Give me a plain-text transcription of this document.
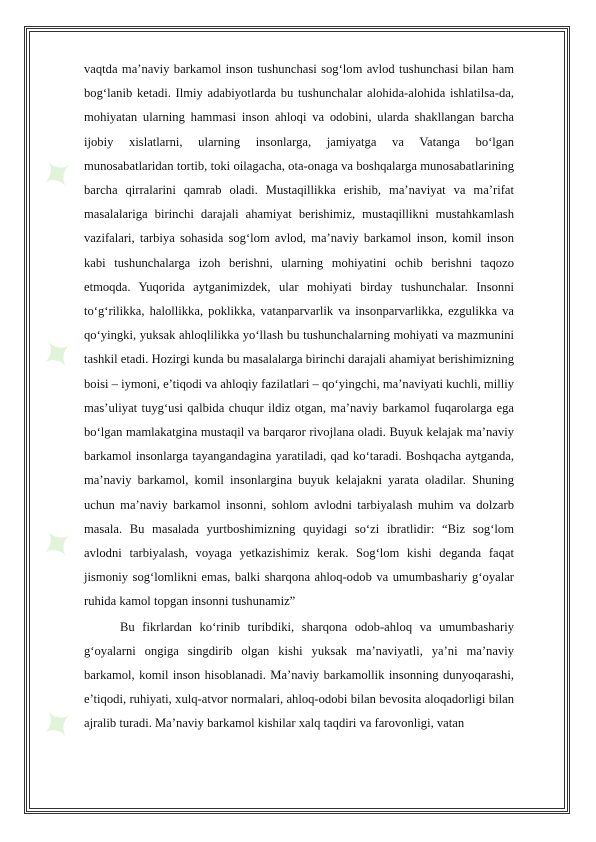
✦
✦
✦
✦

vaqtda ma’naviy barkamol inson tushunchasi sog‘lom avlod tushunchasi bilan ham bog‘lanib ketadi. Ilmiy adabiyotlarda bu tushunchalar alohida-alohida ishlatilsa-da, mohiyatan ularning hammasi inson ahloqi va odobini, ularda shakllangan barcha ijobiy xislatlarni, ularning insonlarga, jamiyatga va Vatanga bo‘lgan munosabatlaridan tortib, toki oilagacha, ota-onaga va boshqalarga munosabatlarining barcha qirralarini qamrab oladi. Mustaqillikka erishib, ma’naviyat va ma’rifat masalalariga birinchi darajali ahamiyat berishimiz, mustaqillikni mustahkamlash vazifalari, tarbiya sohasida sog‘lom avlod, ma’naviy barkamol inson, komil inson kabi tushunchalarga izoh berishni, ularning mohiyatini ochib berishni taqozo etmoqda. Yuqorida aytganimizdek, ular mohiyati birday tushunchalar. Insonni to‘g‘rilikka, halollikka, poklikka, vatanparvarlik va insonparvarlikka, ezgulikka va qo‘yingki, yuksak ahloqlilikka yo‘llash bu tushunchalarning mohiyati va mazmunini tashkil etadi. Hozirgi kunda bu masalalarga birinchi darajali ahamiyat berishimizning boisi – iymoni, e’tiqodi va ahloqiy fazilatlari – qo‘yingchi, ma’naviyati kuchli, milliy mas’uliyat tuyg‘usi qalbida chuqur ildiz otgan, ma’naviy barkamol fuqarolarga ega bo‘lgan mamlakatgina mustaqil va barqaror rivojlana oladi. Buyuk kelajak ma’naviy barkamol insonlarga tayangandagina yaratiladi, qad ko‘taradi. Boshqacha aytganda, ma’naviy barkamol, komil insonlargina buyuk kelajakni yarata oladilar. Shuning uchun ma’naviy barkamol insonni, sohlom avlodni tarbiyalash muhim va dolzarb masala. Bu masalada yurtboshimizning quyidagi so‘zi ibratlidir: “Biz sog‘lom avlodni tarbiyalash, voyaga yetkazishimiz kerak. Sog‘lom kishi deganda faqat jismoniy sog‘lomlikni emas, balki sharqona ahloq-odob va umumbashariy g‘oyalar ruhida kamol topgan insonni tushunamiz”

Bu fikrlardan ko‘rinib turibdiki, sharqona odob-ahloq va umumbashariy g‘oyalarni ongiga singdirib olgan kishi yuksak ma’naviyatli, ya’ni ma’naviy barkamol, komil inson hisoblanadi. Ma’naviy barkamollik insonning dunyoqarashi, e’tiqodi, ruhiyati, xulq-atvor normalari, ahloq-odobi bilan bevosita aloqadorligi bilan ajralib turadi. Ma’naviy barkamol kishilar xalq taqdiri va farovonligi, vatan
